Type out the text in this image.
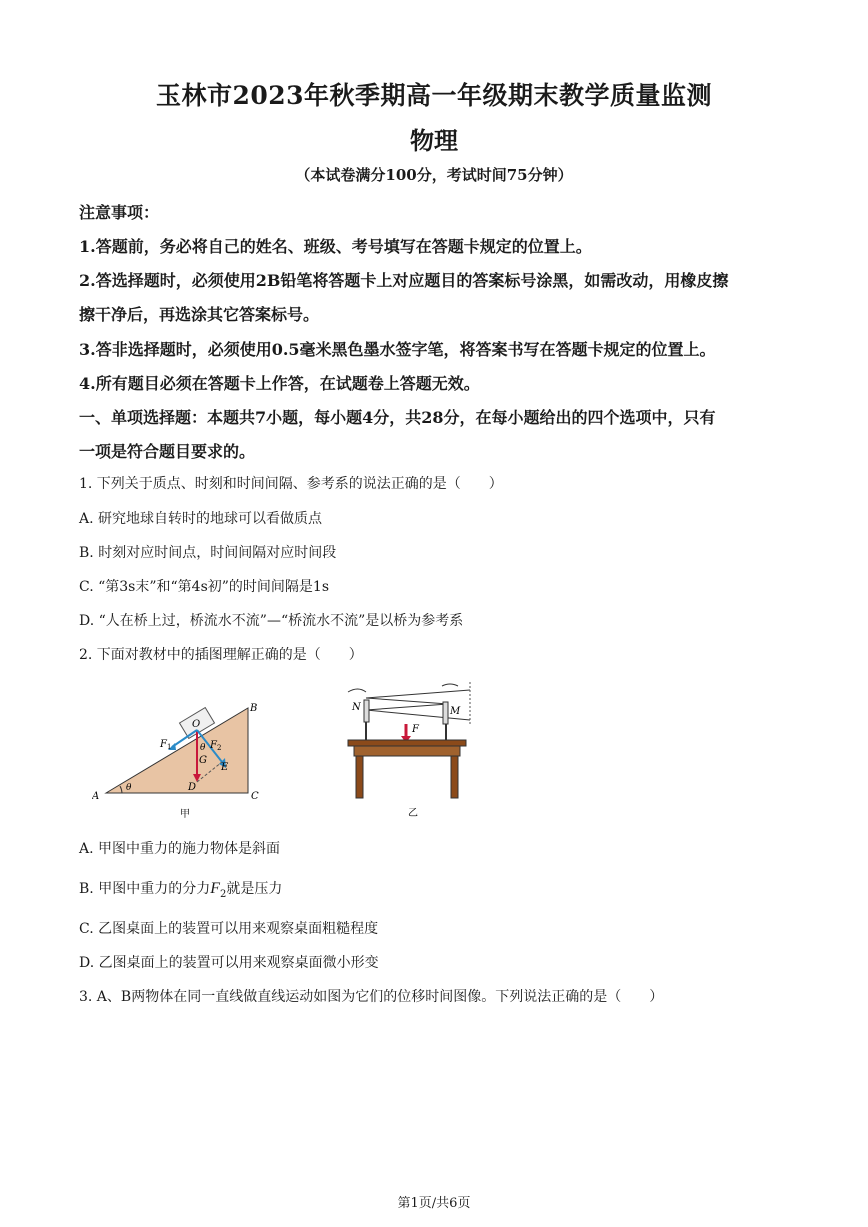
玉林市2023年秋季期高一年级期末教学质量监测
物理
（本试卷满分100分，考试时间75分钟）
注意事项：
1.答题前，务必将自己的姓名、班级、考号填写在答题卡规定的位置上。
2.答选择题时，必须使用2B铅笔将答题卡上对应题目的答案标号涂黑，如需改动，用橡皮擦
擦干净后，再选涂其它答案标号。
3.答非选择题时，必须使用0.5毫米黑色墨水签字笔，将答案书写在答题卡规定的位置上。
4.所有题目必须在答题卡上作答，在试题卷上答题无效。
一、单项选择题：本题共7小题，每小题4分，共28分，在每小题给出的四个选项中，只有
一项是符合题目要求的。
1. 下列关于质点、时刻和时间间隔、参考系的说法正确的是（　　）
A. 研究地球自转时的地球可以看做质点
B. 时刻对应时间点，时间间隔对应时间段
C. “第3s末”和“第4s初”的时间间隔是1s
D. “人在桥上过，桥流水不流”—“桥流水不流”是以桥为参考系
2. 下面对教材中的插图理解正确的是（　　）
A
B
C
O
D
E
G
F 1	F 2
θ
θ
甲
N	M
F
乙
A. 甲图中重力的施力物体是斜面
B. 甲图中重力的分力$F_2$就是压力
C. 乙图桌面上的装置可以用来观察桌面粗糙程度
D. 乙图桌面上的装置可以用来观察桌面微小形变
3. A、B两物体在同一直线做直线运动如图为它们的位移时间图像。下列说法正确的是（　　）
第1页/共6页
